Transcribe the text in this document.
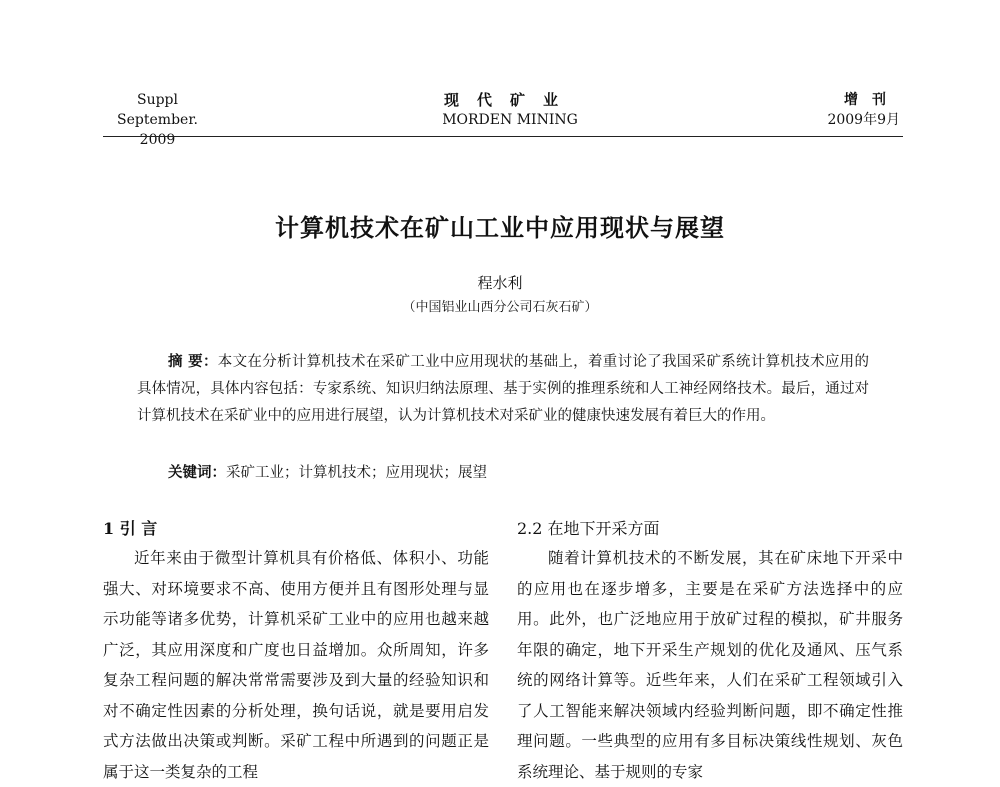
Suppl
September. 2009
现代矿业
MORDEN MINING
增刊
2009年9月
计算机技术在矿山工业中应用现状与展望
程水利
（中国铝业山西分公司石灰石矿）
摘 要：本文在分析计算机技术在采矿工业中应用现状的基础上，着重讨论了我国采矿系统计算机技术应用的具体情况，具体内容包括：专家系统、知识归纳法原理、基于实例的推理系统和人工神经网络技术。最后，通过对计算机技术在采矿业中的应用进行展望，认为计算机技术对采矿业的健康快速发展有着巨大的作用。
关键词：采矿工业；计算机技术；应用现状；展望
1 引 言

近年来由于微型计算机具有价格低、体积小、功能强大、对环境要求不高、使用方便并且有图形处理与显示功能等诸多优势，计算机采矿工业中的应用也越来越广泛，其应用深度和广度也日益增加。众所周知，许多复杂工程问题的解决常常需要涉及到大量的经验知识和对不确定性因素的分析处理，换句话说，就是要用启发式方法做出决策或判断。采矿工程中所遇到的问题正是属于这一类复杂的工程

2.2 在地下开采方面

随着计算机技术的不断发展，其在矿床地下开采中的应用也在逐步增多，主要是在采矿方法选择中的应用。此外，也广泛地应用于放矿过程的模拟，矿井服务年限的确定，地下开采生产规划的优化及通风、压气系统的网络计算等。近些年来，人们在采矿工程领域引入了人工智能来解决领域内经验判断问题，即不确定性推理问题。一些典型的应用有多目标决策线性规划、灰色系统理论、基于规则的专家
